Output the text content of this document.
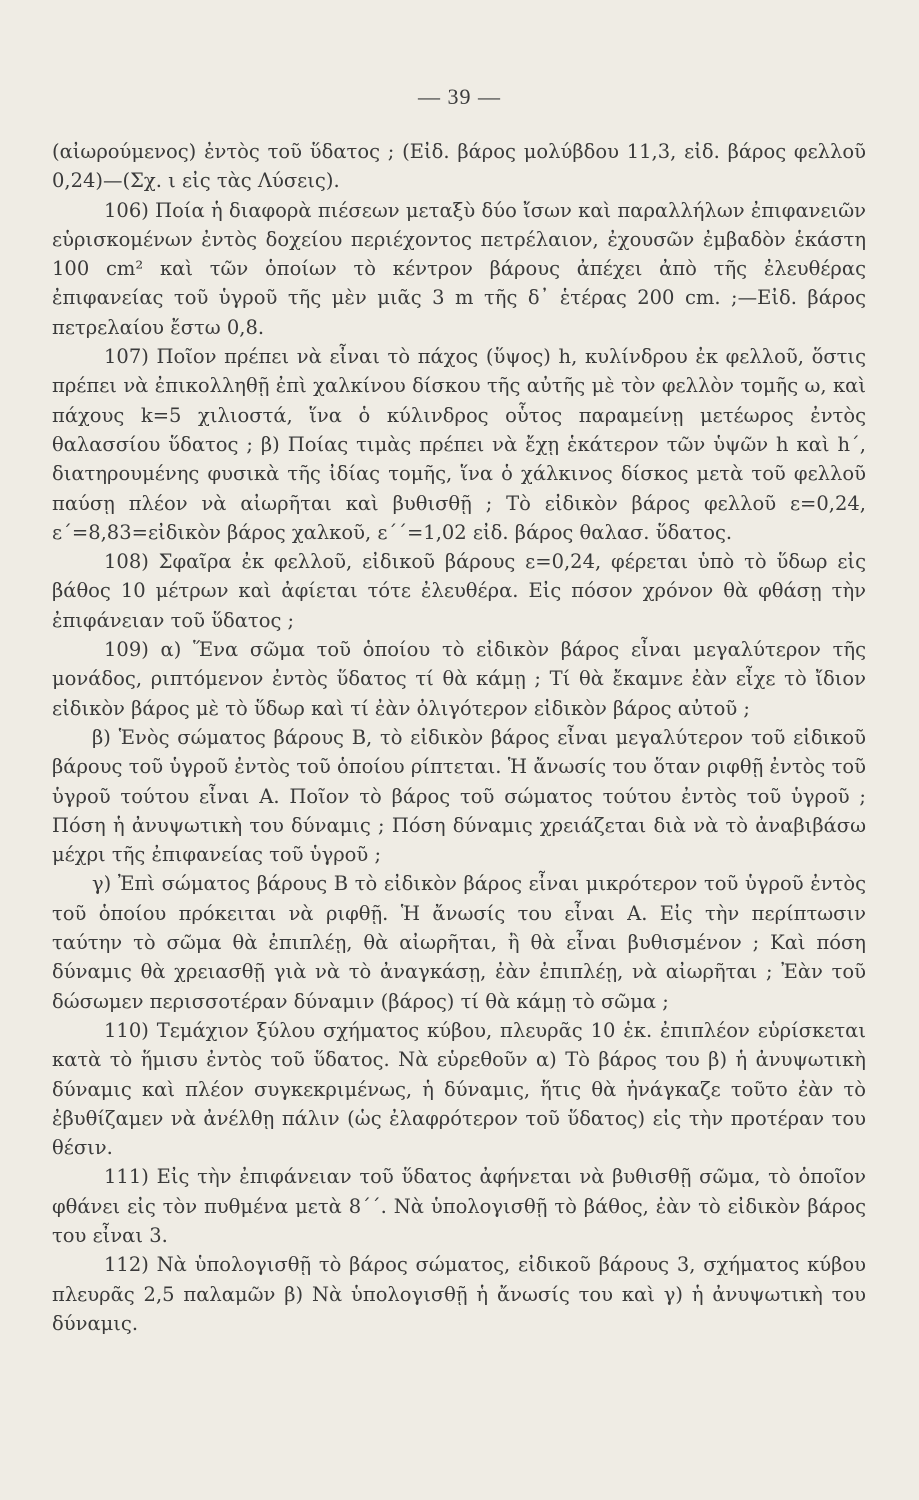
— 39 —

(αἰωρούμενος) ἐντὸς τοῦ ὕδατος ; (Εἰδ. βάρος μολύβδου 11,3, εἰδ. βάρος φελλοῦ 0,24)—(Σχ. ι εἰς τὰς Λύσεις).

106) Ποία ἡ διαφορὰ πιέσεων μεταξὺ δύο ἴσων καὶ παραλλήλων ἐπιφανειῶν εὑρισκομένων ἐντὸς δοχείου περιέχοντος πετρέλαιον, ἐχουσῶν ἐμβαδὸν ἑκάστη 100 cm² καὶ τῶν ὁποίων τὸ κέντρον βάρους ἀπέχει ἀπὸ τῆς ἐλευθέρας ἐπιφανείας τοῦ ὑγροῦ τῆς μὲν μιᾶς 3 m τῆς δ᾽ ἑτέρας 200 cm. ;—Εἰδ. βάρος πετρελαίου ἔστω 0,8.

107) Ποῖον πρέπει νὰ εἶναι τὸ πάχος (ὕψος) h, κυλίνδρου ἐκ φελλοῦ, ὅστις πρέπει νὰ ἐπικολληθῇ ἐπὶ χαλκίνου δίσκου τῆς αὐτῆς μὲ τὸν φελλὸν τομῆς ω, καὶ πάχους k=5 χιλιοστά, ἵνα ὁ κύλινδρος οὗτος παραμείνῃ μετέωρος ἐντὸς θαλασσίου ὕδατος ; β) Ποίας τιμὰς πρέπει νὰ ἔχῃ ἑκάτερον τῶν ὑψῶν h καὶ h΄, διατηρουμένης φυσικὰ τῆς ἰδίας τομῆς, ἵνα ὁ χάλκινος δίσκος μετὰ τοῦ φελλοῦ παύσῃ πλέον νὰ αἰωρῆται καὶ βυθισθῇ ; Τὸ εἰδικὸν βάρος φελλοῦ ε=0,24, ε΄=8,83=εἰδικὸν βάρος χαλκοῦ, ε΄΄=1,02 εἰδ. βάρος θαλασ. ὕδατος.

108) Σφαῖρα ἐκ φελλοῦ, εἰδικοῦ βάρους ε=0,24, φέρεται ὑπὸ τὸ ὕδωρ εἰς βάθος 10 μέτρων καὶ ἀφίεται τότε ἐλευθέρα. Εἰς πόσον χρόνον θὰ φθάσῃ τὴν ἐπιφάνειαν τοῦ ὕδατος ;

109) α) Ἕνα σῶμα τοῦ ὁποίου τὸ εἰδικὸν βάρος εἶναι μεγαλύτερον τῆς μονάδος, ριπτόμενον ἐντὸς ὕδατος τί θὰ κάμῃ ; Τί θὰ ἔκαμνε ἐὰν εἶχε τὸ ἴδιον εἰδικὸν βάρος μὲ τὸ ὕδωρ καὶ τί ἐὰν ὀλιγότερον εἰδικὸν βάρος αὐτοῦ ;

β) Ἑνὸς σώματος βάρους Β, τὸ εἰδικὸν βάρος εἶναι μεγαλύτερον τοῦ εἰδικοῦ βάρους τοῦ ὑγροῦ ἐντὸς τοῦ ὁποίου ρίπτεται. Ἡ ἄνωσίς του ὅταν ριφθῇ ἐντὸς τοῦ ὑγροῦ τούτου εἶναι Α. Ποῖον τὸ βάρος τοῦ σώματος τούτου ἐντὸς τοῦ ὑγροῦ ; Πόση ἡ ἀνυψωτικὴ του δύναμις ; Πόση δύναμις χρειάζεται διὰ νὰ τὸ ἀναβιβάσω μέχρι τῆς ἐπιφανείας τοῦ ὑγροῦ ;

γ) Ἐπὶ σώματος βάρους Β τὸ εἰδικὸν βάρος εἶναι μικρότερον τοῦ ὑγροῦ ἐντὸς τοῦ ὁποίου πρόκειται νὰ ριφθῇ. Ἡ ἄνωσίς του εἶναι Α. Εἰς τὴν περίπτωσιν ταύτην τὸ σῶμα θὰ ἐπιπλέῃ, θὰ αἰωρῆται, ἢ θὰ εἶναι βυθισμένον ; Καὶ πόση δύναμις θὰ χρειασθῇ γιὰ νὰ τὸ ἀναγκάσῃ, ἐὰν ἐπιπλέῃ, νὰ αἰωρῆται ; Ἐὰν τοῦ δώσωμεν περισσοτέραν δύναμιν (βάρος) τί θὰ κάμῃ τὸ σῶμα ;

110) Τεμάχιον ξύλου σχήματος κύβου, πλευρᾶς 10 ἑκ. ἐπιπλέον εὑρίσκεται κατὰ τὸ ἥμισυ ἐντὸς τοῦ ὕδατος. Νὰ εὑρεθοῦν α) Τὸ βάρος του β) ἡ ἀνυψωτικὴ δύναμις καὶ πλέον συγκεκριμένως, ἡ δύναμις, ἥτις θὰ ἠνάγκαζε τοῦτο ἐὰν τὸ ἐβυθίζαμεν νὰ ἀνέλθῃ πάλιν (ὡς ἐλαφρότερον τοῦ ὕδατος) εἰς τὴν προτέραν του θέσιν.

111) Εἰς τὴν ἐπιφάνειαν τοῦ ὕδατος ἀφήνεται νὰ βυθισθῇ σῶμα, τὸ ὁποῖον φθάνει εἰς τὸν πυθμένα μετὰ 8΄΄. Νὰ ὑπολογισθῇ τὸ βάθος, ἐὰν τὸ εἰδικὸν βάρος του εἶναι 3.

112) Νὰ ὑπολογισθῇ τὸ βάρος σώματος, εἰδικοῦ βάρους 3, σχήματος κύβου πλευρᾶς 2,5 παλαμῶν β) Νὰ ὑπολογισθῇ ἡ ἄνωσίς του καὶ γ) ἡ ἀνυψωτικὴ του δύναμις.
